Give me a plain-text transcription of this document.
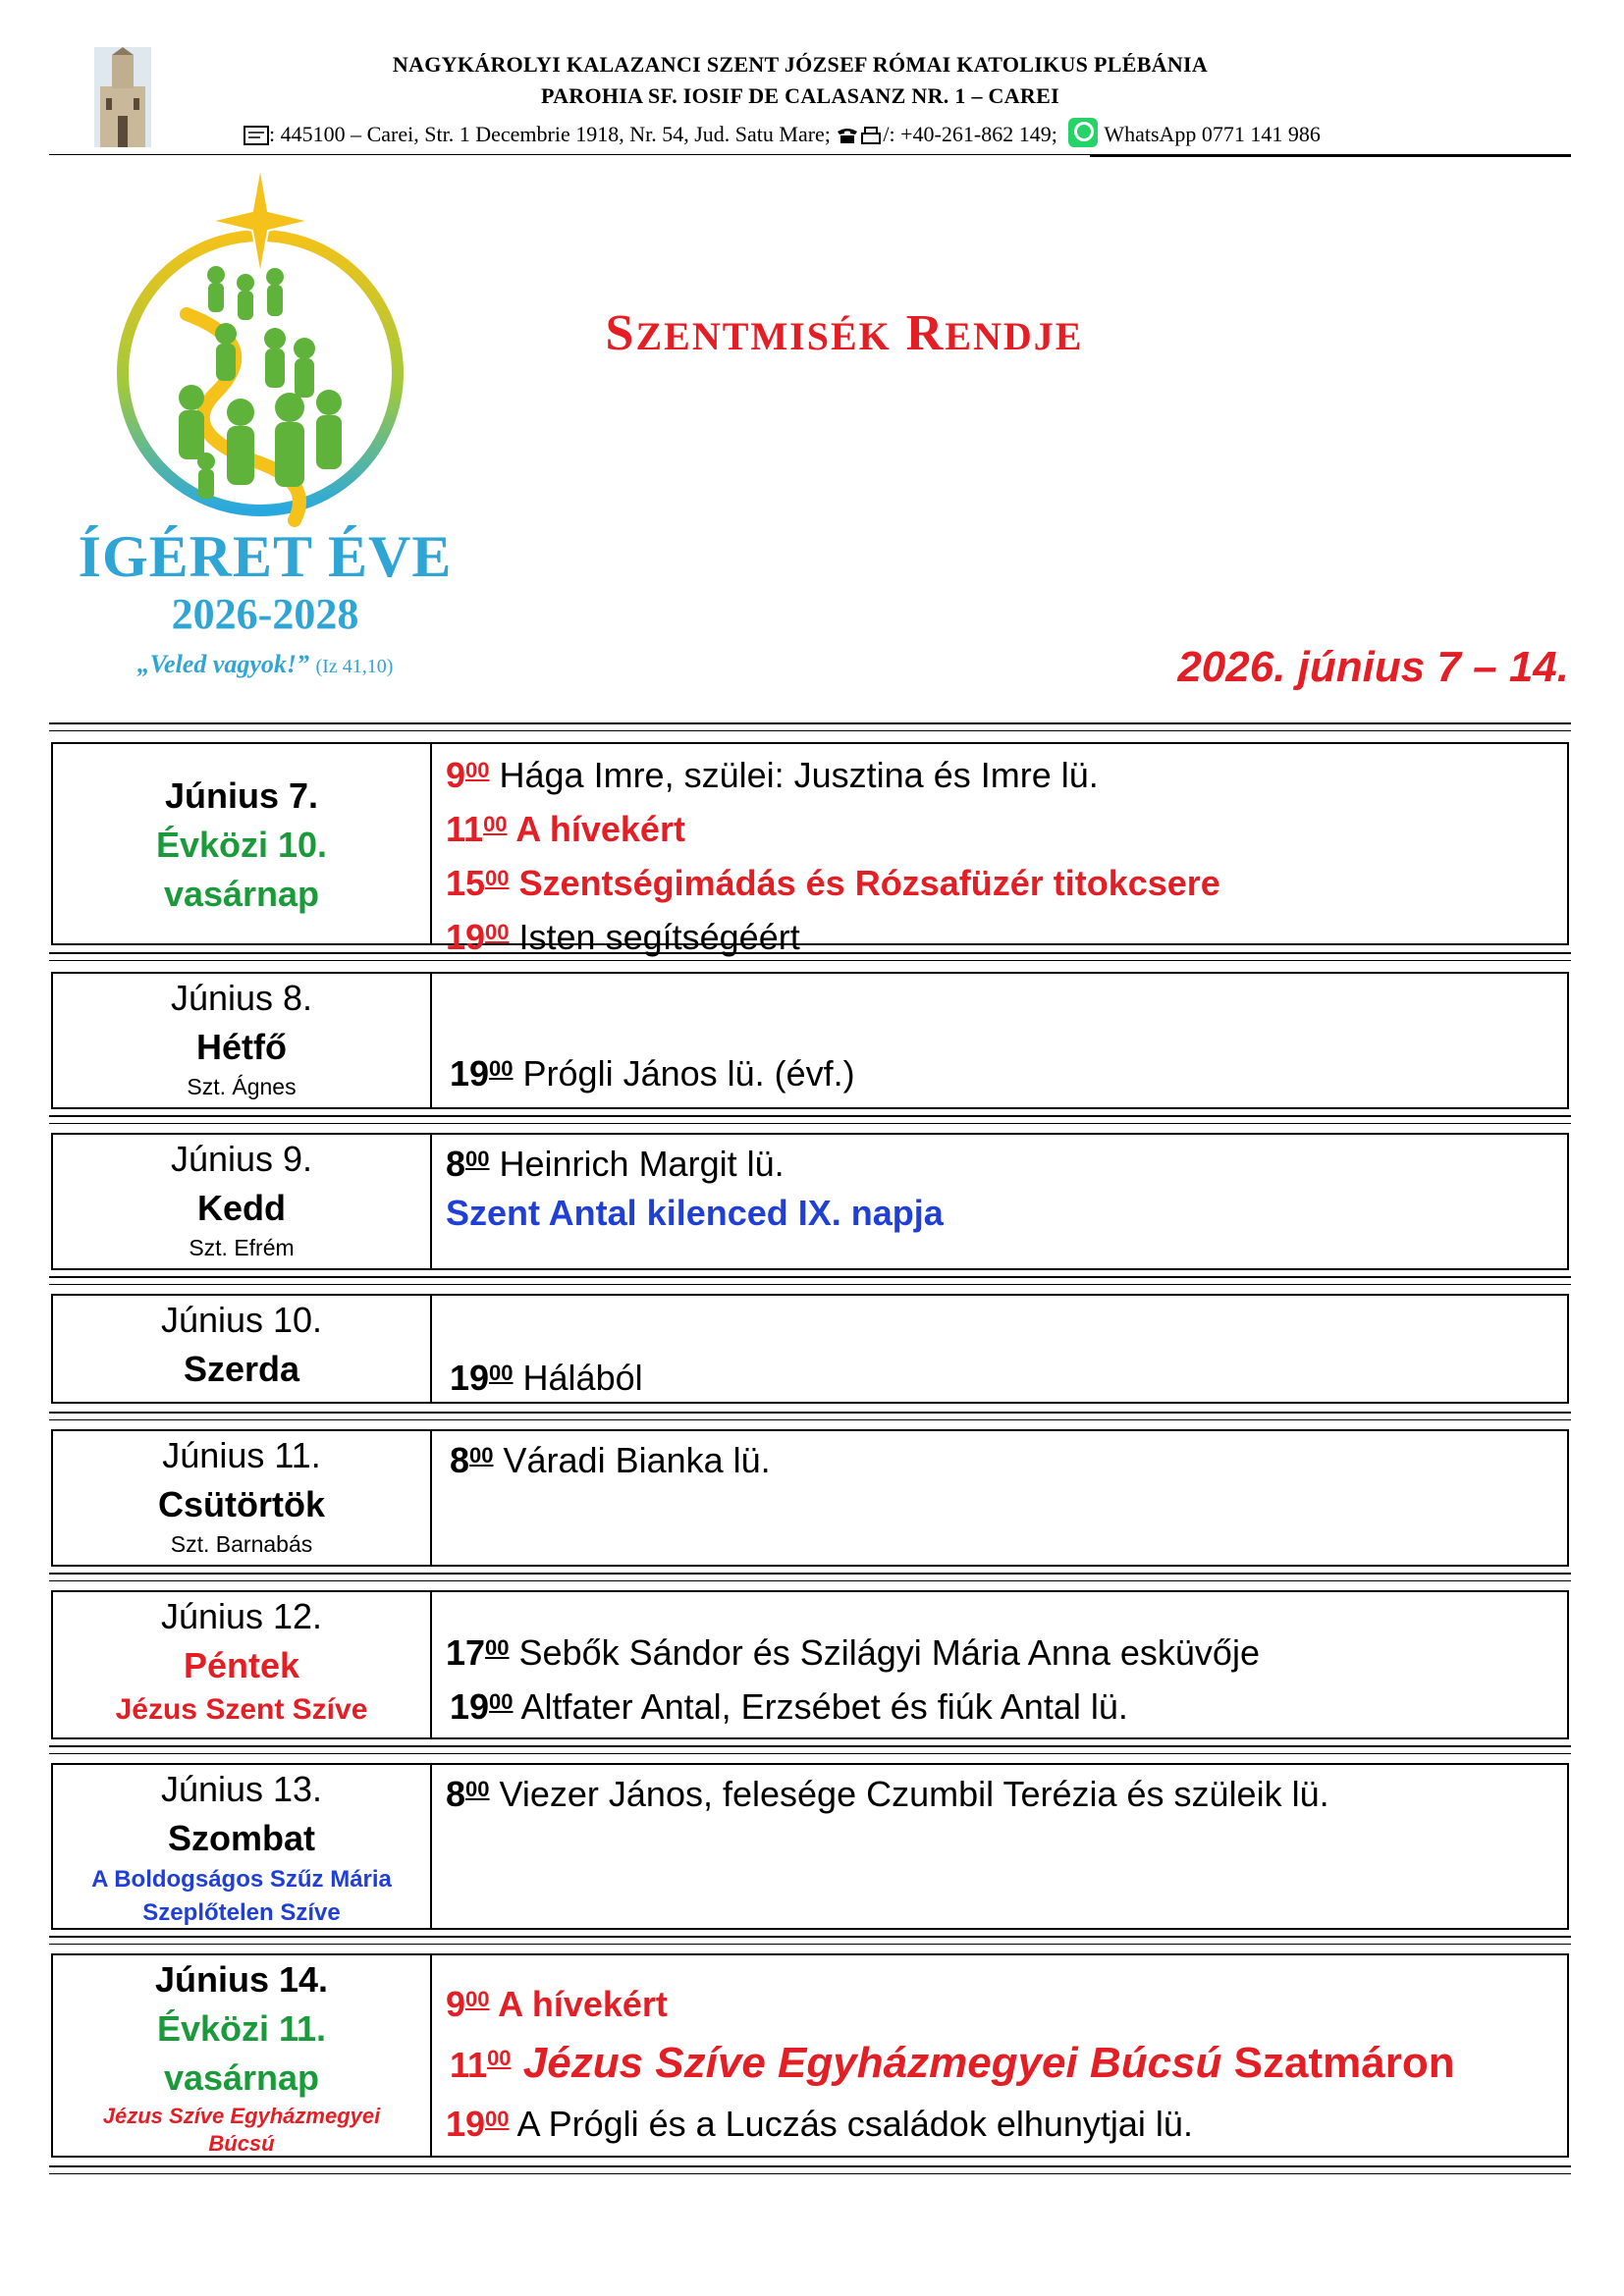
NAGYKÁROLYI KALAZANCI SZENT JÓZSEF RÓMAI KATOLIKUS PLÉBÁNIA
PAROHIA SF. IOSIF DE CALASANZ NR. 1 – CAREI
: 445100 – Carei, Str. 1 Decembrie 1918, Nr. 54, Jud. Satu Mare; /: +40-261-862 149; WhatsApp 0771 141 986
ÍGÉRET ÉVE
2026-2028
„Veled vagyok!” (Iz 41,10)
SZENTMISÉK RENDJE
2026. június 7 – 14.
Június 7.
Évközi 10.
vasárnap
$9^{00}$ Hága Imre, szülei: Jusztina és Imre lü.
$11^{00}$ A hívekért
$15^{00}$ Szentségimádás és Rózsafüzér titokcsere
$19^{00}$ Isten segítségéért
Június 8.
Hétfő
Szt. Ágnes	$19^{00}$ Prógli János lü. (évf.)
Június 9.
Kedd
Szt. Efrém
$8^{00}$ Heinrich Margit lü.
Szent Antal kilenced IX. napja
Június 10.
Szerda	$19^{00}$ Hálából
Június 11.
Csütörtök
Szt. Barnabás
$8^{00}$ Váradi Bianka lü.
Június 12.
Péntek
Jézus Szent Szíve
$17^{00}$ Sebők Sándor és Szilágyi Mária Anna esküvője
$19^{00}$ Altfater Antal, Erzsébet és fiúk Antal lü.
Június 13.
Szombat
A Boldogságos Szűz Mária
Szeplőtelen Szíve
$8^{00}$ Viezer János, felesége Czumbil Terézia és szüleik lü.
Június 14.
Évközi 11.
vasárnap
Jézus Szíve Egyházmegyei
Búcsú
$9^{00}$ A hívekért
$11^{00}$ Jézus Szíve Egyházmegyei Búcsú Szatmáron
$19^{00}$ A Prógli és a Luczás családok elhunytjai lü.
